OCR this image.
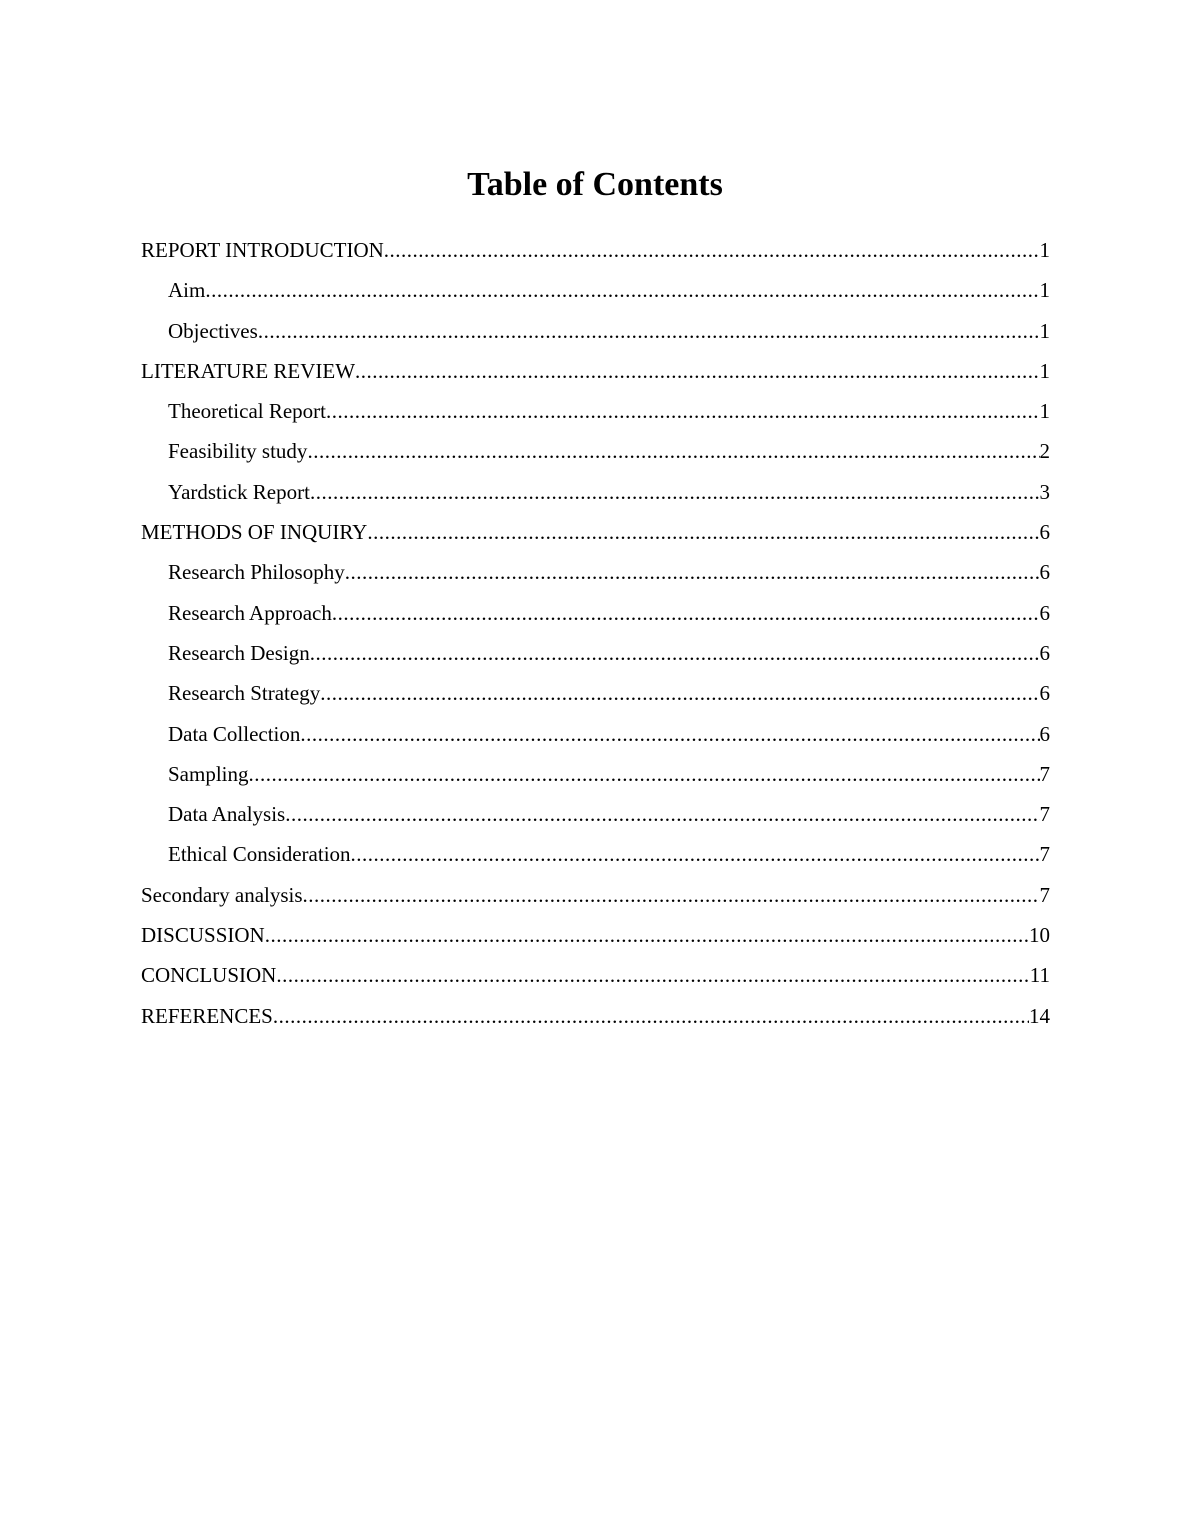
Table of Contents
REPORT INTRODUCTION .....	1
Aim .....	1
Objectives .....	1
LITERATURE REVIEW .....	1
Theoretical Report .....	1
Feasibility study .....	2
Yardstick Report .....	3
METHODS OF INQUIRY .....	6
Research Philosophy .....	6
Research Approach .....	6
Research Design .....	6
Research Strategy .....	6
Data Collection .....	6
Sampling .....	7
Data Analysis .....	7
Ethical Consideration .....	7
Secondary analysis .....	7
DISCUSSION .....	10
CONCLUSION .....	11
REFERENCES .....	14
